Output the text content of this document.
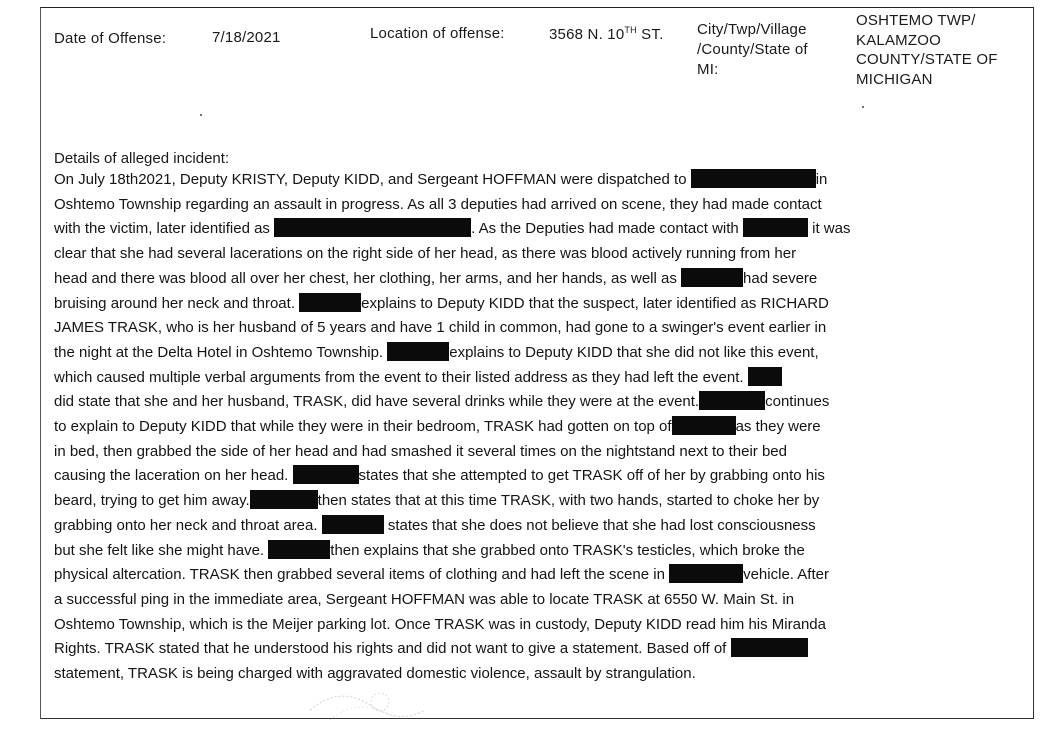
Date of Offense:	7/18/2021	Location of offense:	3568 N. 10TH ST. City/Twp/Village
/County/State of
MI:
OSHTEMO TWP/
KALAMZOO
COUNTY/STATE OF
MICHIGAN
Details of alleged incident:
On July 18th2021, Deputy KRISTY, Deputy KIDD, and Sergeant HOFFMAN were dispatched to	in
Oshtemo Township regarding an assault in progress. As all 3 deputies had arrived on scene, they had made contact
with the victim, later identified as	. As the Deputies had made contact with	it was
clear that she had several lacerations on the right side of her head, as there was blood actively running from her
head and there was blood all over her chest, her clothing, her arms, and her hands, as well as	had severe
bruising around her neck and throat.	explains to Deputy KIDD that the suspect, later identified as RICHARD
JAMES TRASK, who is her husband of 5 years and have 1 child in common, had gone to a swinger's event earlier in
the night at the Delta Hotel in Oshtemo Township.	explains to Deputy KIDD that she did not like this event,
which caused multiple verbal arguments from the event to their listed address as they had left the event.
did state that she and her husband, TRASK, did have several drinks while they were at the event.	continues
to explain to Deputy KIDD that while they were in their bedroom, TRASK had gotten on top of	as they were
in bed, then grabbed the side of her head and had smashed it several times on the nightstand next to their bed
causing the laceration on her head.	states that she attempted to get TRASK off of her by grabbing onto his
beard, trying to get him away.	then states that at this time TRASK, with two hands, started to choke her by
grabbing onto her neck and throat area.	states that she does not believe that she had lost consciousness
but she felt like she might have.	then explains that she grabbed onto TRASK's testicles, which broke the
physical altercation. TRASK then grabbed several items of clothing and had left the scene in	vehicle. After
a successful ping in the immediate area, Sergeant HOFFMAN was able to locate TRASK at 6550 W. Main St. in
Oshtemo Township, which is the Meijer parking lot. Once TRASK was in custody, Deputy KIDD read him his Miranda
Rights. TRASK stated that he understood his rights and did not want to give a statement. Based off of
statement, TRASK is being charged with aggravated domestic violence, assault by strangulation.
